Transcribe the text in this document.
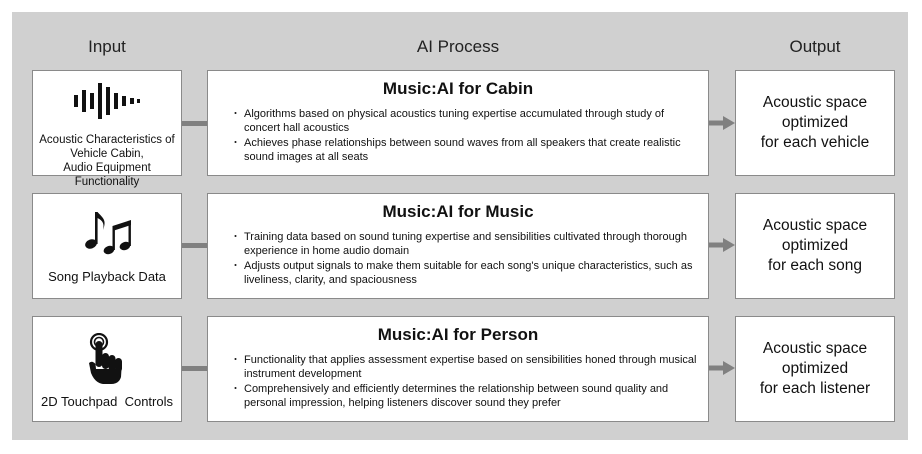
Input	AI Process	Output
Acoustic Characteristics of
Vehicle Cabin,
Audio Equipment Functionality
Music:AI for Cabin
・ Algorithms based on physical acoustics tuning expertise accumulated through study of concert hall acoustics
・ Achieves phase relationships between sound waves from all speakers that create realistic sound images at all seats
Acoustic space
optimized
for each vehicle
Song Playback Data
Music:AI for Music
・ Training data based on sound tuning expertise and sensibilities cultivated through thorough experience in home audio domain
・ Adjusts output signals to make them suitable for each song's unique characteristics, such as liveliness, clarity, and spaciousness
Acoustic space
optimized
for each song
2D Touchpad  Controls
Music:AI for Person
・ Functionality that applies assessment expertise based on sensibilities honed through musical instrument development
・ Comprehensively and efficiently determines the relationship between sound quality and personal impression, helping listeners discover sound they prefer
Acoustic space
optimized
for each listener
